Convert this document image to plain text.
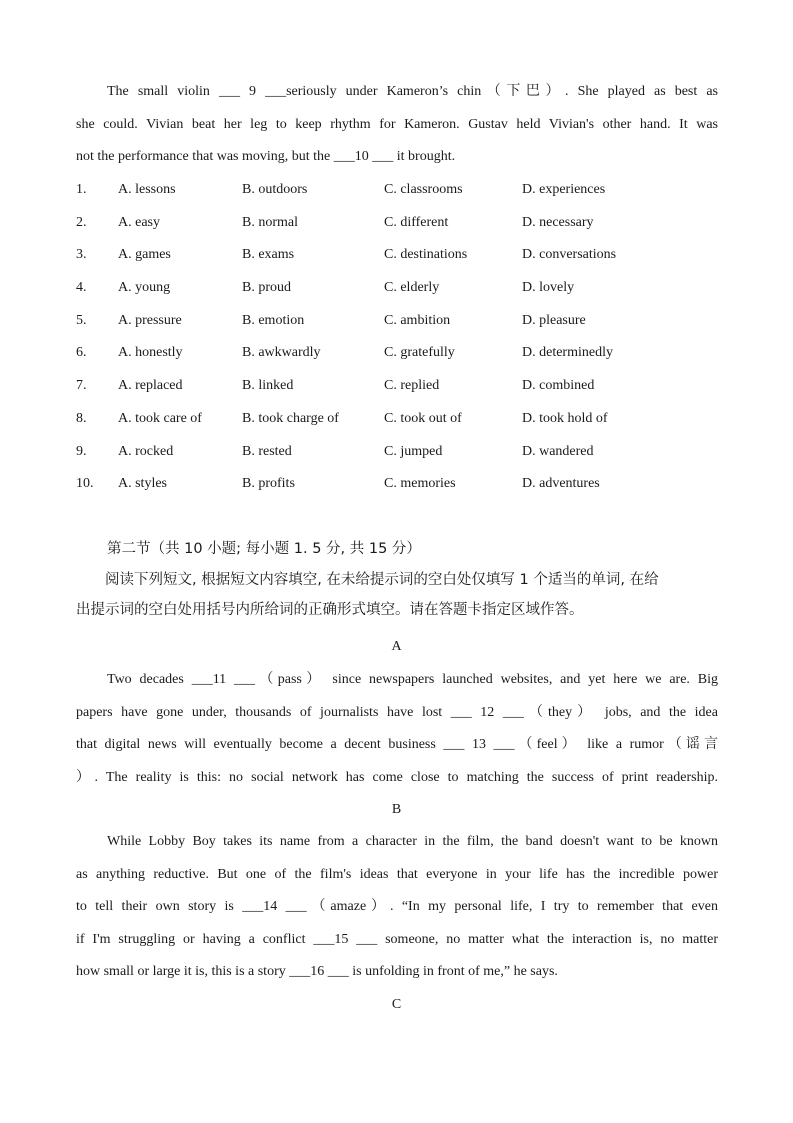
The small violin ___ 9 ___seriously under Kameron’s chin（下巴）. She played as best as
she could. Vivian beat her leg to keep rhythm for Kameron. Gustav held Vivian's other hand. It was
not the performance that was moving, but the ___10 ___ it brought.
1. A. lessons	B. outdoors	C. classrooms	D. experiences
2. A. easy	B. normal	C. different	D. necessary
3. A. games	B. exams	C. destinations	D. conversations
4. A. young	B. proud	C. elderly	D. lovely
5. A. pressure	B. emotion	C. ambition	D. pleasure
6. A. honestly	B. awkwardly	C. gratefully	D. determinedly
7. A. replaced	B. linked	C. replied	D. combined
8. A. took care of	B. took charge of	C. took out of	D. took hold of
9. A. rocked	B. rested	C. jumped	D. wandered
10. A. styles	B. profits	C. memories	D. adventures

第二节（共 10 小题; 每小题 1. 5 分, 共 15 分）

阅读下列短文, 根据短文内容填空, 在未给提示词的空白处仅填写 1 个适当的单词, 在给
出提示词的空白处用括号内所给词的正确形式填空。请在答题卡指定区域作答。

A

Two decades ___11 ___（pass） since newspapers launched websites, and yet here we are. Big
papers have gone under, thousands of journalists have lost ___ 12 ___（they） jobs, and the idea
that digital news will eventually become a decent business ___ 13 ___（feel） like a rumor（谣言
）. The reality is this: no social network has come close to matching the success of print readership.

B

While Lobby Boy takes its name from a character in the film, the band doesn't want to be known
as anything reductive. But one of the film's ideas that everyone in your life has the incredible power
to tell their own story is ___14 ___（amaze）. “In my personal life, I try to remember that even
if I'm struggling or having a conflict ___15 ___ someone, no matter what the interaction is, no matter
how small or large it is, this is a story ___16 ___ is unfolding in front of me,” he says.

C
